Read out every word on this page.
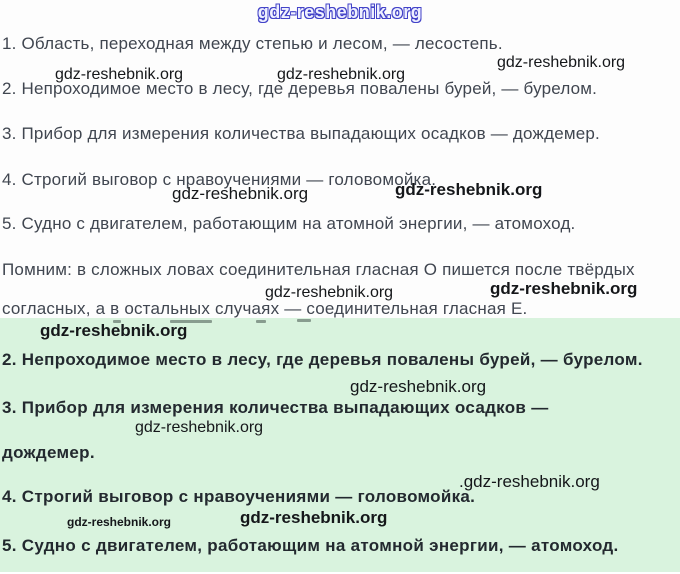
gdz-reshebnik.org
1. Область, переходная между степью и лесом, — лесостепь.
gdz-reshebnik.org
gdz-reshebnik.org	gdz-reshebnik.org
2. Непроходимое место в лесу, где деревья повалены бурей, — бурелом.
3. Прибор для измерения количества выпадающих осадков — дождемер.
4. Строгий выговор с нравоучениями — головомойка.
gdz-reshebnik.org	gdz-reshebnik.org
5. Судно с двигателем, работающим на атомной энергии, — атомоход.
Помним: в сложных ловах соединительная гласная О пишется после твёрдых
gdz-reshebnik.org	gdz-reshebnik.org
согласных, а в остальных случаях — соединительная гласная Е.
gdz-reshebnik.org
2. Непроходимое место в лесу, где деревья повалены бурей, — бурелом.
gdz-reshebnik.org
3. Прибор для измерения количества выпадающих осадков —
gdz-reshebnik.org
дождемер.
.gdz-reshebnik.org
4. Строгий выговор с нравоучениями — головомойка.
gdz-reshebnik.org	gdz-reshebnik.org
5. Судно с двигателем, работающим на атомной энергии, — атомоход.
